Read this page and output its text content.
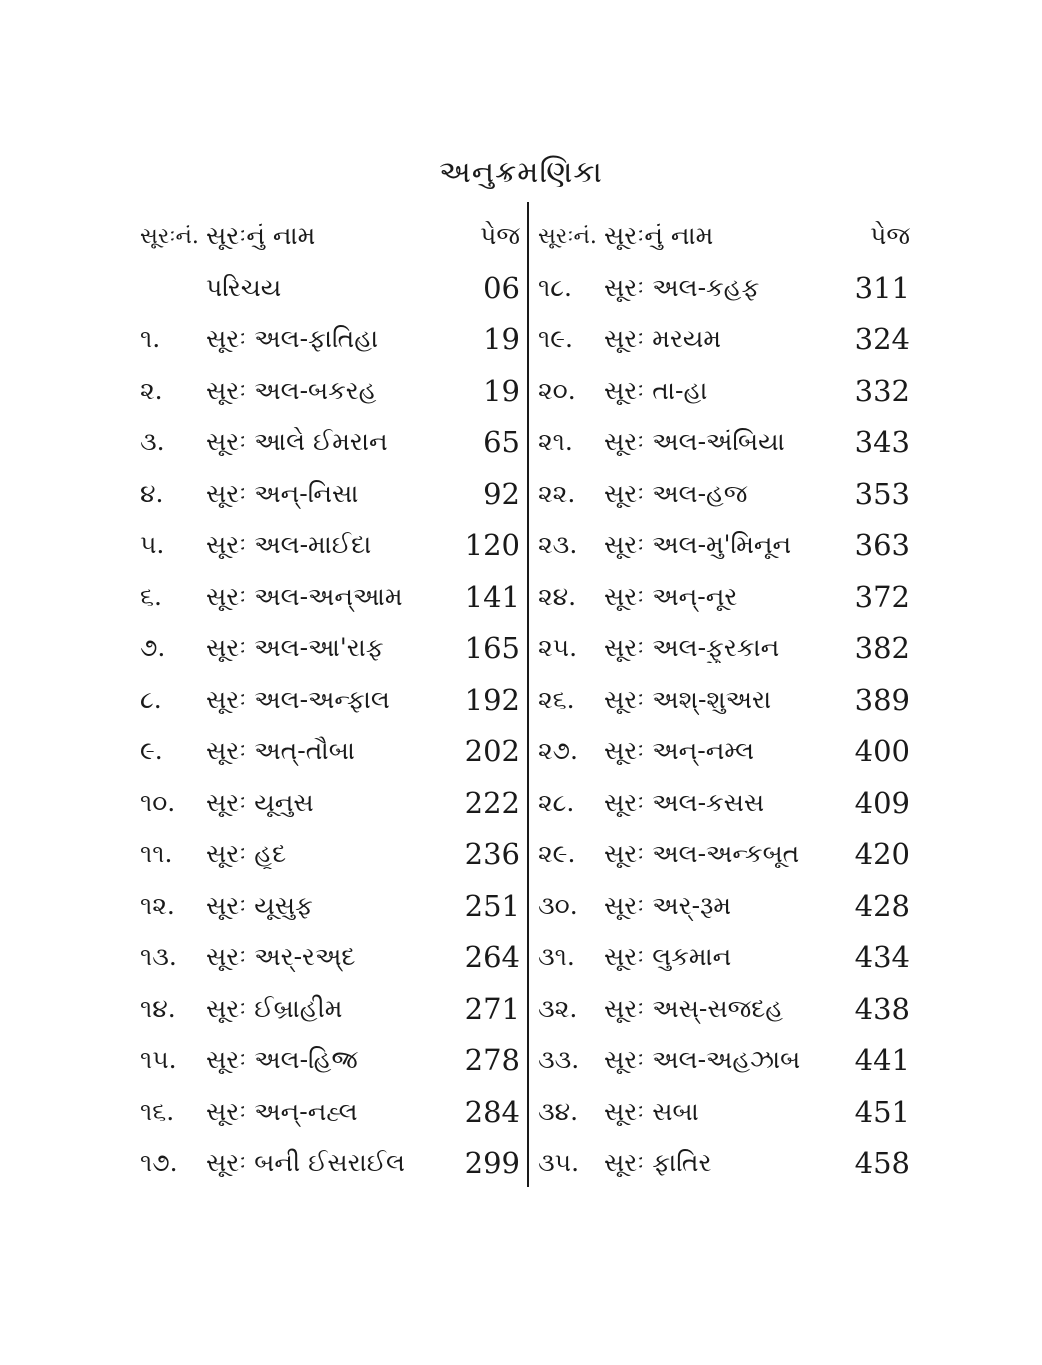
અનુક્રમણિકા
સૂરઃનં. સૂરઃનું નામ	પેજ
પરિચય	06
૧.	સૂરઃ અલ-ફાતિહા	19
૨.	સૂરઃ અલ-બકરહ	19
૩.	સૂરઃ આલે ઈમરાન	65
૪.	સૂરઃ અન્-નિસા	92
૫.	સૂરઃ અલ-માઈદા	120
૬.	સૂરઃ અલ-અન્આમ	141
૭.	સૂરઃ અલ-આ'રાફ	165
૮.	સૂરઃ અલ-અન્ફાલ	192
૯.	સૂરઃ અત્-તૌબા	202
૧૦.	સૂરઃ યૂનુસ	222
૧૧.	સૂરઃ હૂદ	236
૧૨.	સૂરઃ યૂસુફ	251
૧૩.	સૂરઃ અર્-રઅ્દ	264
૧૪.	સૂરઃ ઈબ્રાહીમ	271
૧૫.	સૂરઃ અલ-હિજ્ર	278
૧૬.	સૂરઃ અન્-નહ્લ	284
૧૭.	સૂરઃ બની ઈસરાઈલ	299
સૂરઃનં. સૂરઃનું નામ	પેજ
૧૮.	સૂરઃ અલ-કહફ	311
૧૯.	સૂરઃ મરયમ	324
૨૦.	સૂરઃ તા-હા	332
૨૧.	સૂરઃ અલ-અંબિયા	343
૨૨.	સૂરઃ અલ-હજ	353
૨૩.	સૂરઃ અલ-મુ'મિનૂન	363
૨૪.	સૂરઃ અન્-નૂર	372
૨૫.	સૂરઃ અલ-ફુરકાન	382
૨૬.	સૂરઃ અશ્-શુઅરા	389
૨૭.	સૂરઃ અન્-નમ્લ	400
૨૮.	સૂરઃ અલ-કસસ	409
૨૯.	સૂરઃ અલ-અન્કબૂત	420
૩૦.	સૂરઃ અર્-રૂમ	428
૩૧.	સૂરઃ લુકમાન	434
૩૨.	સૂરઃ અસ્-સજદહ	438
૩૩. સૂરઃ અલ-અહઝાબ	441
૩૪.	સૂરઃ સબા	451
૩૫. સૂરઃ ફાતિર	458
